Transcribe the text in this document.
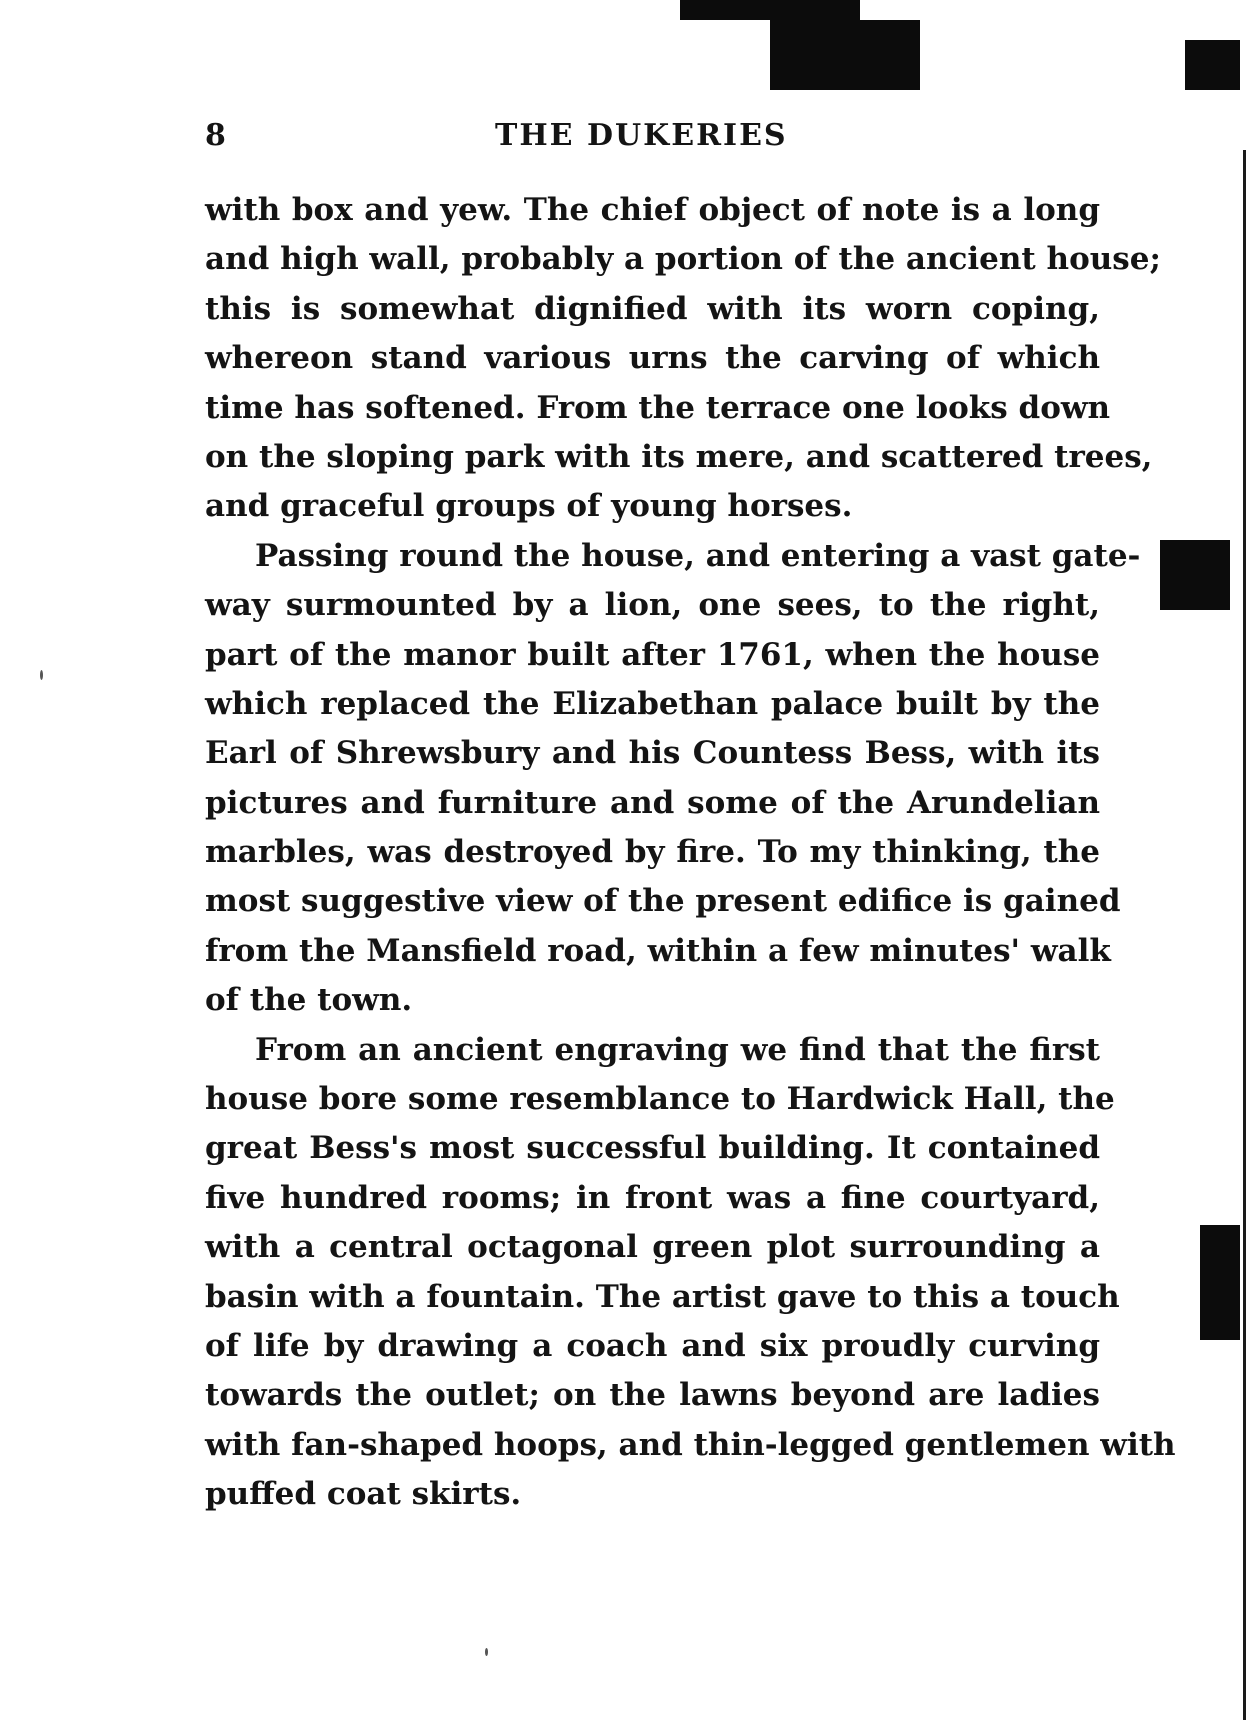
8	THE DUKERIES
with box and yew. The chief object of note is a long
and high wall, probably a portion of the ancient house;
this is somewhat dignified with its worn coping,
whereon stand various urns the carving of which
time has softened. From the terrace one looks down
on the sloping park with its mere, and scattered trees,
and graceful groups of young horses.
Passing round the house, and entering a vast gate-
way surmounted by a lion, one sees, to the right,
part of the manor built after 1761, when the house
which replaced the Elizabethan palace built by the
Earl of Shrewsbury and his Countess Bess, with its
pictures and furniture and some of the Arundelian
marbles, was destroyed by fire. To my thinking, the
most suggestive view of the present edifice is gained
from the Mansfield road, within a few minutes' walk
of the town.
From an ancient engraving we find that the first
house bore some resemblance to Hardwick Hall, the
great Bess's most successful building. It contained
five hundred rooms; in front was a fine courtyard,
with a central octagonal green plot surrounding a
basin with a fountain. The artist gave to this a touch
of life by drawing a coach and six proudly curving
towards the outlet; on the lawns beyond are ladies
with fan-shaped hoops, and thin-legged gentlemen with
puffed coat skirts.
